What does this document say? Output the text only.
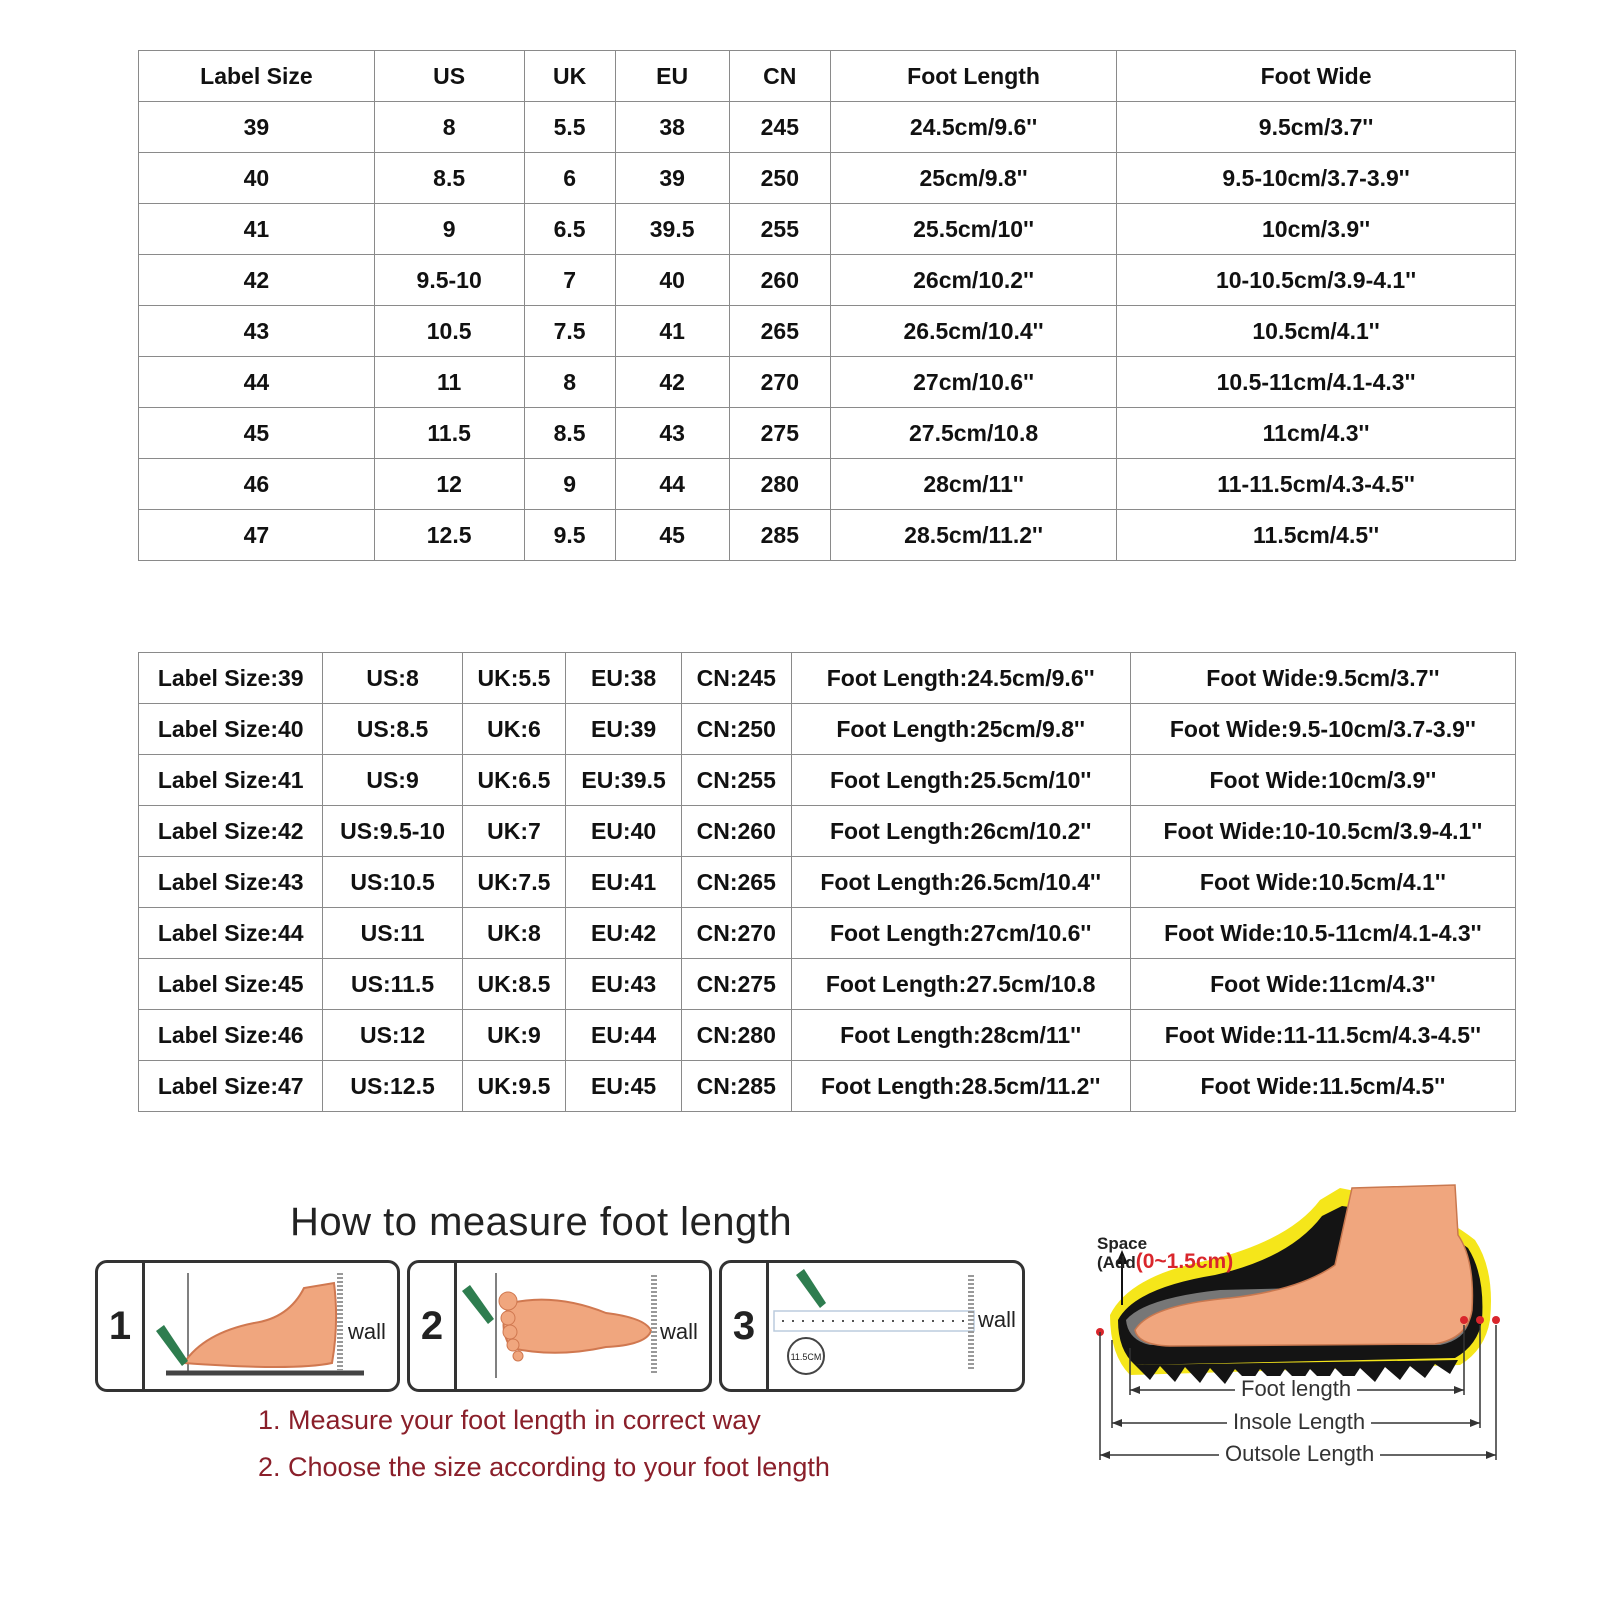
Label Size	US	UK	EU	CN	Foot Length	Foot Wide
39	8	5.5	38	245	24.5cm/9.6''	9.5cm/3.7''
40	8.5	6	39	250	25cm/9.8''	9.5-10cm/3.7-3.9''
41	9	6.5	39.5	255	25.5cm/10''	10cm/3.9''
42	9.5-10	7	40	260	26cm/10.2''	10-10.5cm/3.9-4.1''
43	10.5	7.5	41	265	26.5cm/10.4''	10.5cm/4.1''
44	11	8	42	270	27cm/10.6''	10.5-11cm/4.1-4.3''
45	11.5	8.5	43	275	27.5cm/10.8	11cm/4.3''
46	12	9	44	280	28cm/11''	11-11.5cm/4.3-4.5''
47	12.5	9.5	45	285	28.5cm/11.2''	11.5cm/4.5''
Label Size:39	US:8	UK:5.5	EU:38	CN:245	Foot Length:24.5cm/9.6''	Foot Wide:9.5cm/3.7''
Label Size:40	US:8.5	UK:6	EU:39	CN:250	Foot Length:25cm/9.8''	Foot Wide:9.5-10cm/3.7-3.9''
Label Size:41	US:9	UK:6.5	EU:39.5	CN:255	Foot Length:25.5cm/10''	Foot Wide:10cm/3.9''
Label Size:42	US:9.5-10	UK:7	EU:40	CN:260	Foot Length:26cm/10.2''	Foot Wide:10-10.5cm/3.9-4.1''
Label Size:43	US:10.5	UK:7.5	EU:41	CN:265	Foot Length:26.5cm/10.4''	Foot Wide:10.5cm/4.1''
Label Size:44	US:11	UK:8	EU:42	CN:270	Foot Length:27cm/10.6''	Foot Wide:10.5-11cm/4.1-4.3''
Label Size:45	US:11.5	UK:8.5	EU:43	CN:275	Foot Length:27.5cm/10.8	Foot Wide:11cm/4.3''
Label Size:46	US:12	UK:9	EU:44	CN:280	Foot Length:28cm/11''	Foot Wide:11-11.5cm/4.3-4.5''
Label Size:47	US:12.5	UK:9.5	EU:45	CN:285	Foot Length:28.5cm/11.2''	Foot Wide:11.5cm/4.5''
How to measure foot length
1	wall 2	wall 3
11.5CM
wall
1. Measure your foot length in correct way
2. Choose the size according to your foot length
Space
(Add(0~1.5cm)
Foot length
Insole Length
Outsole Length
